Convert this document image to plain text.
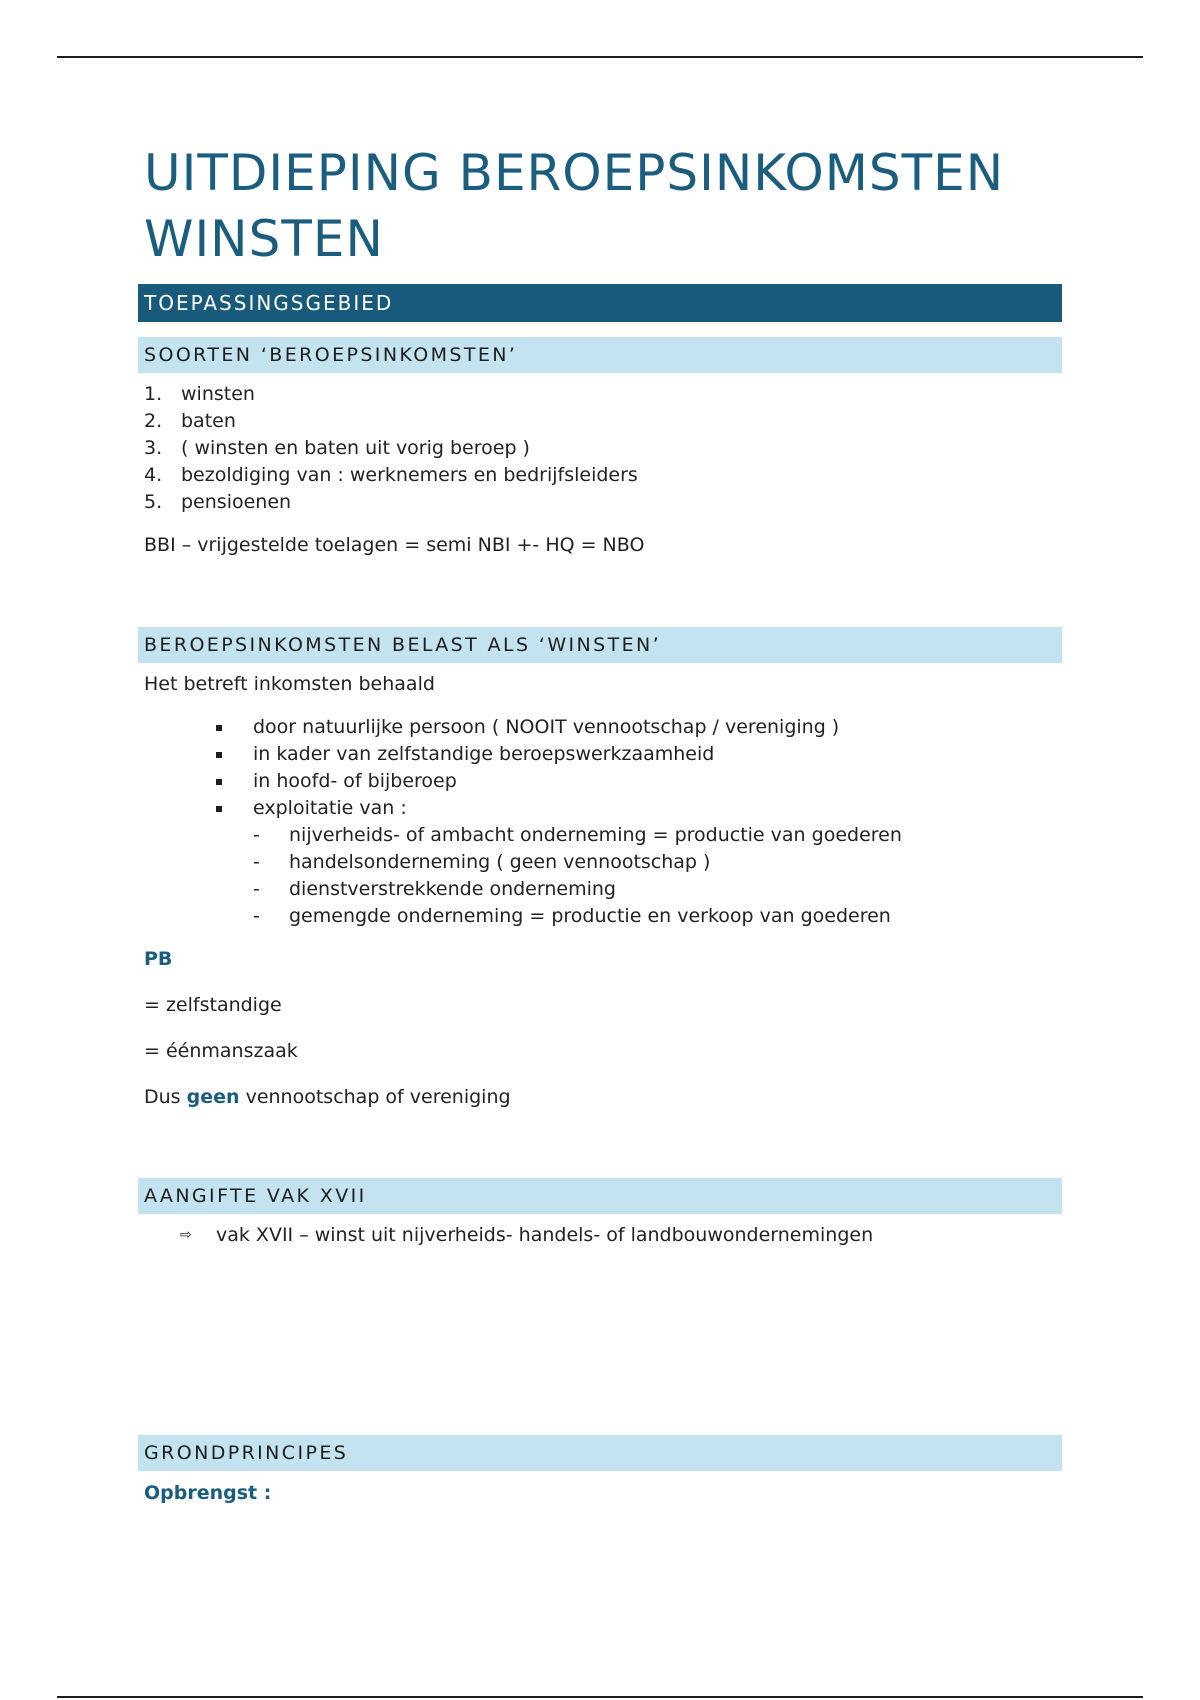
UITDIEPING BEROEPSINKOMSTEN
WINSTEN
TOEPASSINGSGEBIED
SOORTEN ‘BEROEPSINKOMSTEN’
1. winsten
2. baten
3. ( winsten en baten uit vorig beroep )
4. bezoldiging van : werknemers en bedrijfsleiders
5. pensioenen
BBI – vrijgestelde toelagen = semi NBI +- HQ = NBO
BEROEPSINKOMSTEN BELAST ALS ‘WINSTEN’
Het betreft inkomsten behaald
door natuurlijke persoon ( NOOIT vennootschap / vereniging )
in kader van zelfstandige beroepswerkzaamheid
in hoofd- of bijberoep
exploitatie van :
- nijverheids- of ambacht onderneming = productie van goederen
- handelsonderneming ( geen vennootschap )
- dienstverstrekkende onderneming
- gemengde onderneming = productie en verkoop van goederen
PB
= zelfstandige
= éénmanszaak
Dus geen vennootschap of vereniging
AANGIFTE VAK XVII
⇨ vak XVII – winst uit nijverheids- handels- of landbouwondernemingen
GRONDPRINCIPES
Opbrengst :
